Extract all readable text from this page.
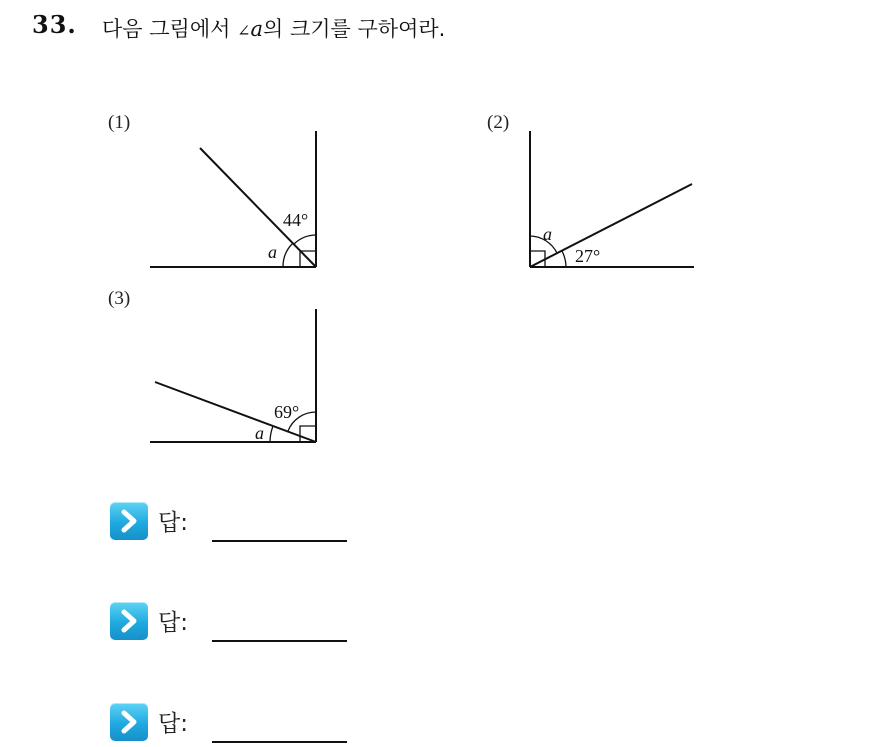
33. 다음 그림에서 ∠a의 크기를 구하여라.
(1)
44°
a
(2)
a
27°
(3)
69°
a
답:
답:
답:
